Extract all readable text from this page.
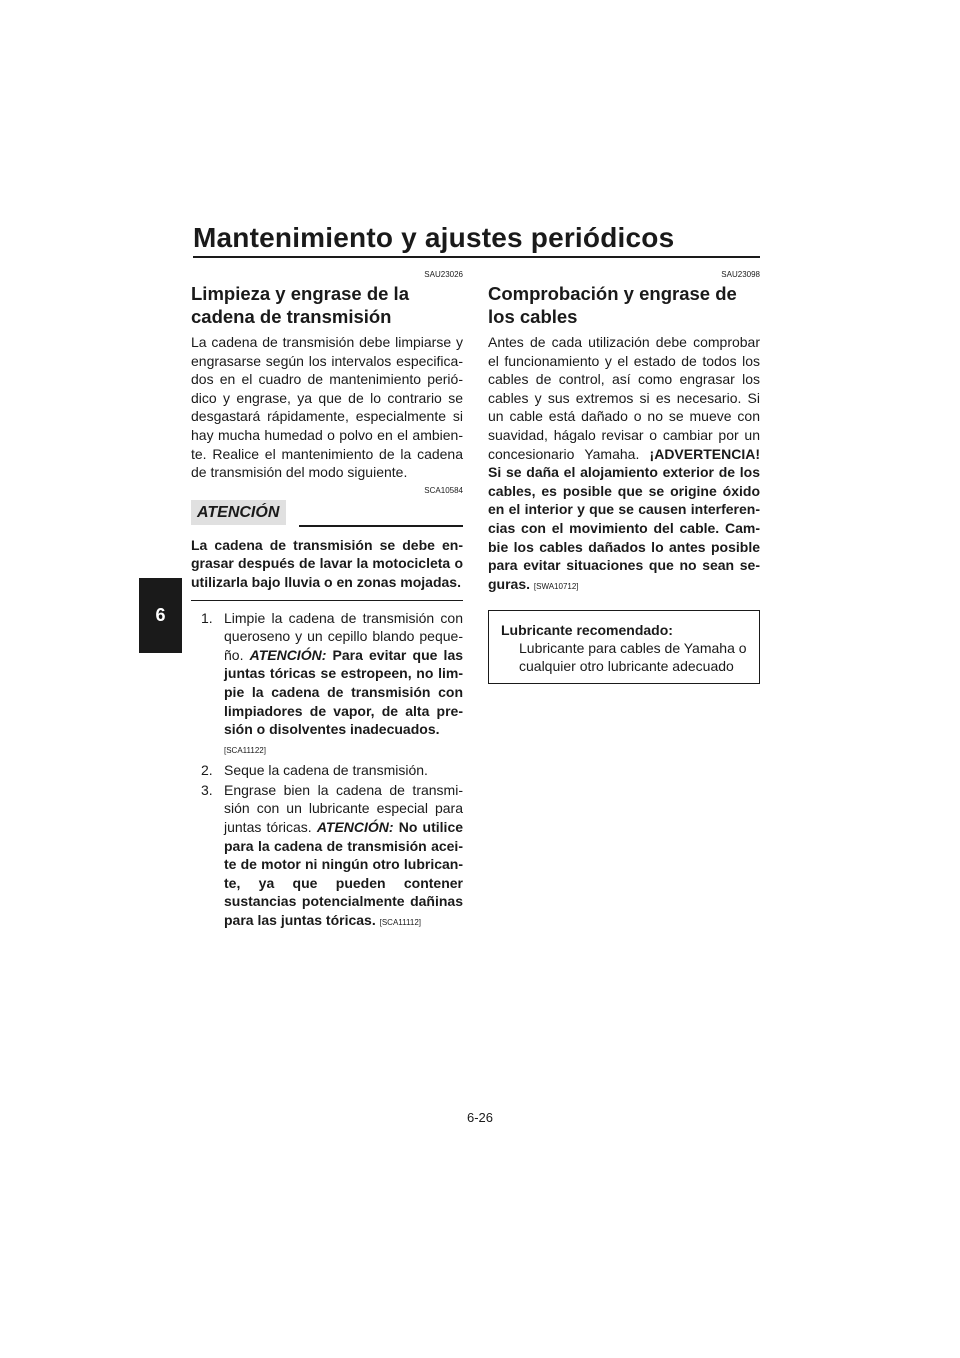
Mantenimiento y ajustes periódicos
6

SAU23026

Limpieza y engrase de la cadena de transmisión

La cadena de transmisión debe limpiarse y engrasarse según los intervalos especificados en el cuadro de mantenimiento periódico y engrase, ya que de lo contrario se desgastará rápidamente, especialmente si hay mucha humedad o polvo en el ambiente. Realice el mantenimiento de la cadena de transmisión del modo siguiente.

SCA10584

ATENCIÓN

La cadena de transmisión se debe engrasar después de lavar la motocicleta o utilizarla bajo lluvia o en zonas mojadas.

1. Limpie la cadena de transmisión con queroseno y un cepillo blando pequeño. ATENCIÓN: Para evitar que las juntas tóricas se estropeen, no limpie la cadena de transmisión con limpiadores de vapor, de alta presión o disolventes inadecuados.
[SCA11122]
2. Seque la cadena de transmisión.
3. Engrase bien la cadena de transmisión con un lubricante especial para juntas tóricas. ATENCIÓN: No utilice para la cadena de transmisión aceite de motor ni ningún otro lubricante, ya que pueden contener sustancias potencialmente dañinas para las juntas tóricas. [SCA11112]

SAU23098

Comprobación y engrase de los cables

Antes de cada utilización debe comprobar el funcionamiento y el estado de todos los cables de control, así como engrasar los cables y sus extremos si es necesario. Si un cable está dañado o no se mueve con suavidad, hágalo revisar o cambiar por un concesionario Yamaha. ¡ADVERTENCIA! Si se daña el alojamiento exterior de los cables, es posible que se origine óxido en el interior y que se causen interferencias con el movimiento del cable. Cambie los cables dañados lo antes posible para evitar situaciones que no sean seguras. [SWA10712]

Lubricante recomendado:
Lubricante para cables de Yamaha o cualquier otro lubricante adecuado
6-26
